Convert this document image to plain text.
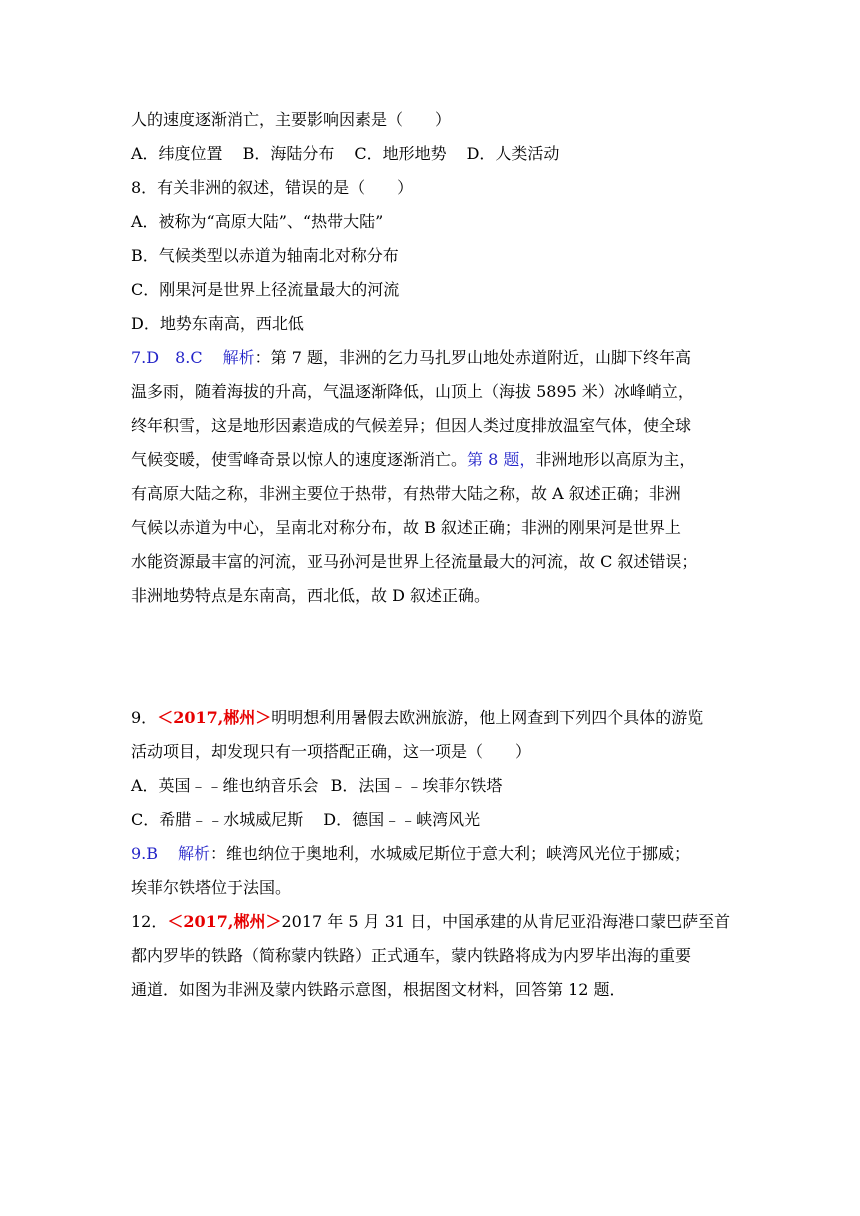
人的速度逐渐消亡，主要影响因素是（　　）
A．纬度位置 B．海陆分布 C．地形地势 D．人类活动
8．有关非洲的叙述，错误的是（　　）
A．被称为“高原大陆”、“热带大陆”
B．气候类型以赤道为轴南北对称分布
C．刚果河是世界上径流量最大的河流
D．地势东南高，西北低
7.D　8.C 解析：第 7 题，非洲的乞力马扎罗山地处赤道附近，山脚下终年高
温多雨，随着海拔的升高，气温逐渐降低，山顶上（海拔 5895 米）冰峰峭立，
终年积雪，这是地形因素造成的气候差异；但因人类过度排放温室气体，使全球
气候变暖，使雪峰奇景以惊人的速度逐渐消亡。第 8 题，非洲地形以高原为主，
有高原大陆之称，非洲主要位于热带，有热带大陆之称，故 A 叙述正确；非洲
气候以赤道为中心，呈南北对称分布，故 B 叙述正确；非洲的刚果河是世界上
水能资源最丰富的河流，亚马孙河是世界上径流量最大的河流，故 C 叙述错误；
非洲地势特点是东南高，西北低，故 D 叙述正确。
9．＜2017,郴州＞明明想利用暑假去欧洲旅游，他上网查到下列四个具体的游览
活动项目，却发现只有一项搭配正确，这一项是（　　）
A．英国﹣﹣维也纳音乐会 B．法国﹣﹣埃菲尔铁塔
C．希腊﹣﹣水城威尼斯 D．德国﹣﹣峡湾风光
9.B 解析：维也纳位于奥地利，水城威尼斯位于意大利；峡湾风光位于挪威；
埃菲尔铁塔位于法国。
12．＜2017,郴州＞2017 年 5 月 31 日，中国承建的从肯尼亚沿海港口蒙巴萨至首
都内罗毕的铁路（简称蒙内铁路）正式通车，蒙内铁路将成为内罗毕出海的重要
通道．如图为非洲及蒙内铁路示意图，根据图文材料，回答第 12 题．
